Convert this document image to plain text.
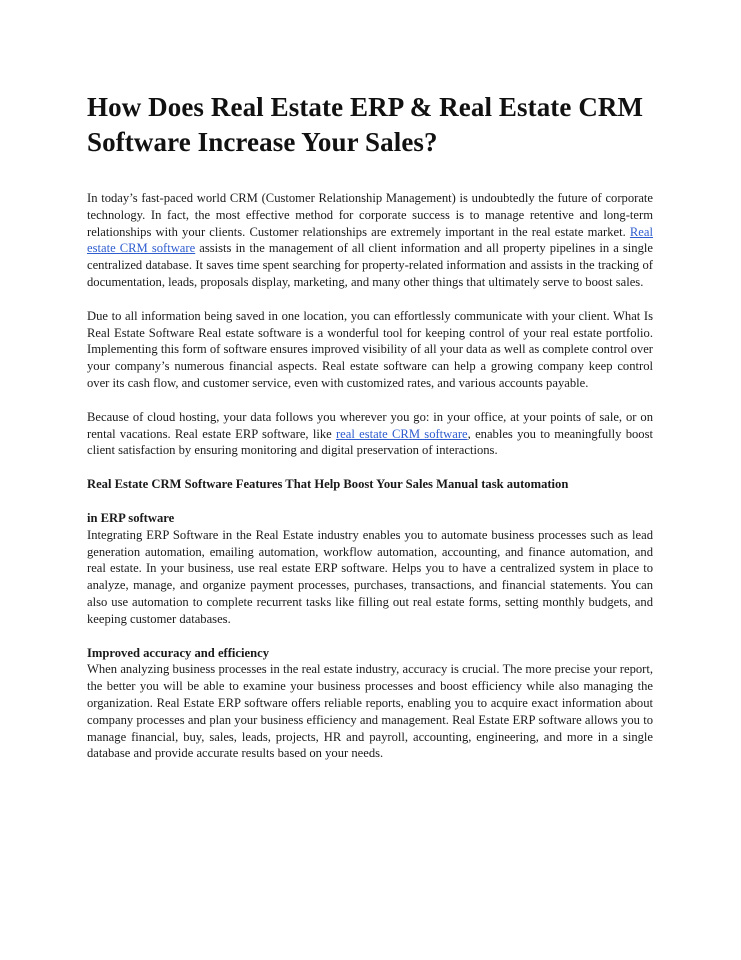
How Does Real Estate ERP & Real Estate CRM Software Increase Your Sales?

In today’s fast-paced world CRM (Customer Relationship Management) is undoubtedly the future of corporate technology. In fact, the most effective method for corporate success is to manage retentive and long-term relationships with your clients. Customer relationships are extremely important in the real estate market. Real estate CRM software assists in the management of all client information and all property pipelines in a single centralized database. It saves time spent searching for property-related information and assists in the tracking of documentation, leads, proposals display, marketing, and many other things that ultimately serve to boost sales.

Due to all information being saved in one location, you can effortlessly communicate with your client. What Is Real Estate Software Real estate software is a wonderful tool for keeping control of your real estate portfolio. Implementing this form of software ensures improved visibility of all your data as well as complete control over your company’s numerous financial aspects. Real estate software can help a growing company keep control over its cash flow, and customer service, even with customized rates, and various accounts payable.

Because of cloud hosting, your data follows you wherever you go: in your office, at your points of sale, or on rental vacations. Real estate ERP software, like real estate CRM software, enables you to meaningfully boost client satisfaction by ensuring monitoring and digital preservation of interactions.

Real Estate CRM Software Features That Help Boost Your Sales Manual task automation

in ERP software

Integrating ERP Software in the Real Estate industry enables you to automate business processes such as lead generation automation, emailing automation, workflow automation, accounting, and finance automation, and real estate. In your business, use real estate ERP software. Helps you to have a centralized system in place to analyze, manage, and organize payment processes, purchases, transactions, and financial statements. You can also use automation to complete recurrent tasks like filling out real estate forms, setting monthly budgets, and keeping customer databases.

Improved accuracy and efficiency

When analyzing business processes in the real estate industry, accuracy is crucial. The more precise your report, the better you will be able to examine your business processes and boost efficiency while also managing the organization. Real Estate ERP software offers reliable reports, enabling you to acquire exact information about company processes and plan your business efficiency and management. Real Estate ERP software allows you to manage financial, buy, sales, leads, projects, HR and payroll, accounting, engineering, and more in a single database and provide accurate results based on your needs.
